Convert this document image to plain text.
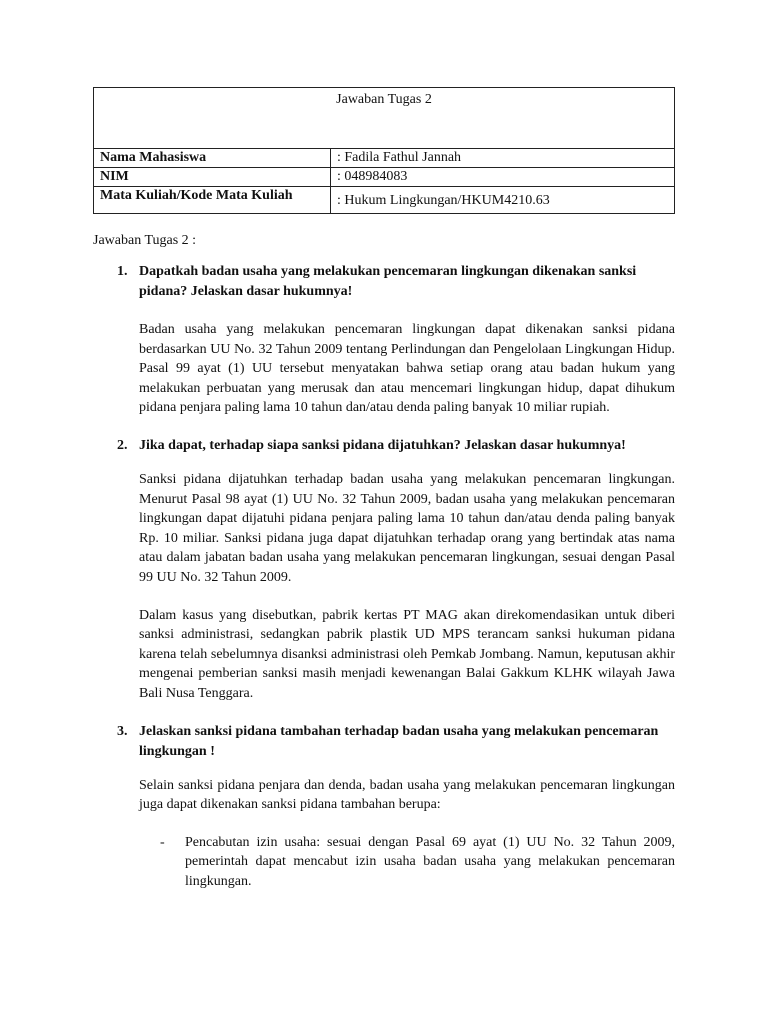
Jawaban Tugas 2	
Nama Mahasiswa	: Fadila Fathul Jannah
NIM	: 048984083
Mata Kuliah/Kode Mata Kuliah	: Hukum Lingkungan/HKUM4210.63

Jawaban Tugas 2 :

1. Dapatkah badan usaha yang melakukan pencemaran lingkungan dikenakan sanksi pidana? Jelaskan dasar hukumnya!

Badan usaha yang melakukan pencemaran lingkungan dapat dikenakan sanksi pidana berdasarkan UU No. 32 Tahun 2009 tentang Perlindungan dan Pengelolaan Lingkungan Hidup. Pasal 99 ayat (1) UU tersebut menyatakan bahwa setiap orang atau badan hukum yang melakukan perbuatan yang merusak dan atau mencemari lingkungan hidup, dapat dihukum pidana penjara paling lama 10 tahun dan/atau denda paling banyak 10 miliar rupiah.

2. Jika dapat, terhadap siapa sanksi pidana dijatuhkan? Jelaskan dasar hukumnya!

Sanksi pidana dijatuhkan terhadap badan usaha yang melakukan pencemaran lingkungan. Menurut Pasal 98 ayat (1) UU No. 32 Tahun 2009, badan usaha yang melakukan pencemaran lingkungan dapat dijatuhi pidana penjara paling lama 10 tahun dan/atau denda paling banyak Rp. 10 miliar. Sanksi pidana juga dapat dijatuhkan terhadap orang yang bertindak atas nama atau dalam jabatan badan usaha yang melakukan pencemaran lingkungan, sesuai dengan Pasal 99 UU No. 32 Tahun 2009.

Dalam kasus yang disebutkan, pabrik kertas PT MAG akan direkomendasikan untuk diberi sanksi administrasi, sedangkan pabrik plastik UD MPS terancam sanksi hukuman pidana karena telah sebelumnya disanksi administrasi oleh Pemkab Jombang. Namun, keputusan akhir mengenai pemberian sanksi masih menjadi kewenangan Balai Gakkum KLHK wilayah Jawa Bali Nusa Tenggara.

3. Jelaskan sanksi pidana tambahan terhadap badan usaha yang melakukan pencemaran lingkungan !

Selain sanksi pidana penjara dan denda, badan usaha yang melakukan pencemaran lingkungan juga dapat dikenakan sanksi pidana tambahan berupa:

- Pencabutan izin usaha: sesuai dengan Pasal 69 ayat (1) UU No. 32 Tahun 2009, pemerintah dapat mencabut izin usaha badan usaha yang melakukan pencemaran lingkungan.
